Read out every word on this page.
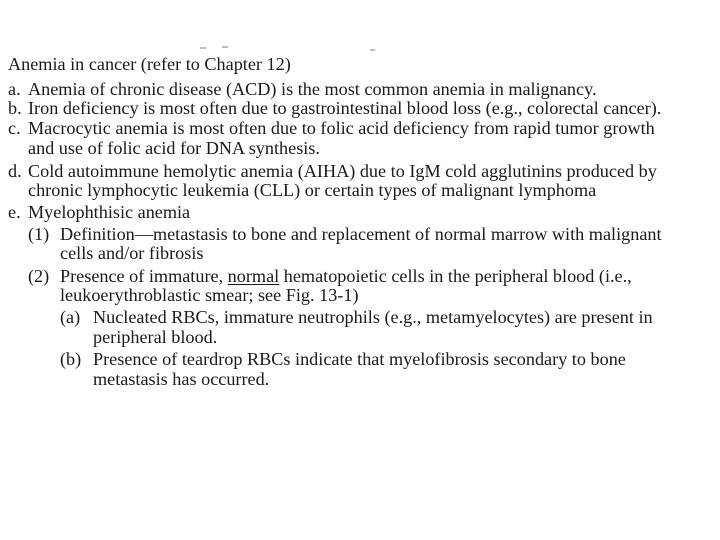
Anemia in cancer (refer to Chapter 12)
a. Anemia of chronic disease (ACD) is the most common anemia in malignancy.
b. Iron deficiency is most often due to gastrointestinal blood loss (e.g., colorectal cancer).
c. Macrocytic anemia is most often due to folic acid deficiency from rapid tumor growth
and use of folic acid for DNA synthesis.
d. Cold autoimmune hemolytic anemia (AIHA) due to IgM cold agglutinins produced by
chronic lymphocytic leukemia (CLL) or certain types of malignant lymphoma
e. Myelophthisic anemia
(1) Definition—metastasis to bone and replacement of normal marrow with malignant
cells and/or fibrosis
(2) Presence of immature, normal hematopoietic cells in the peripheral blood (i.e.,
leukoerythroblastic smear; see Fig. 13-1)
(a) Nucleated RBCs, immature neutrophils (e.g., metamyelocytes) are present in
peripheral blood.
(b) Presence of teardrop RBCs indicate that myelofibrosis secondary to bone
metastasis has occurred.
